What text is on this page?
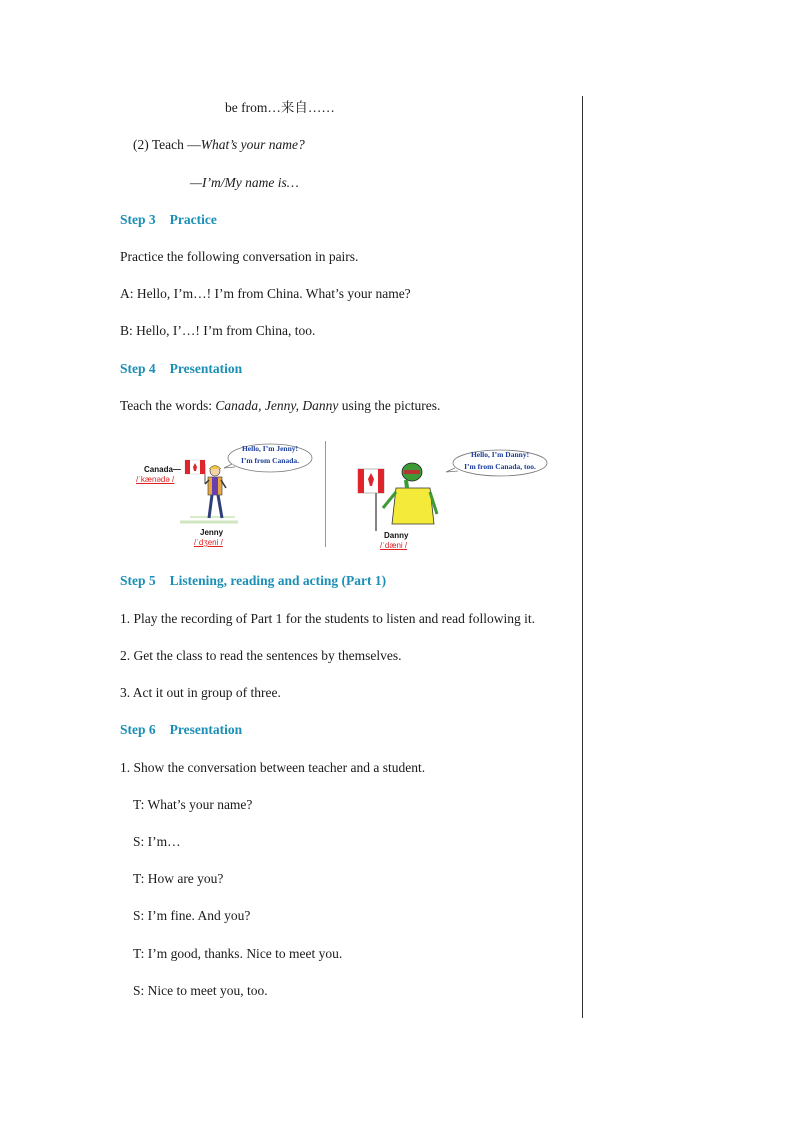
be from…来自……
(2) Teach —What’s your name?
—I’m/My name is…
Step 3 Practice
Practice the following conversation in pairs.
A: Hello, I’m…! I’m from China. What’s your name?
B: Hello, I’…! I’m from China, too.
Step 4 Presentation
Teach the words: Canada, Jenny, Danny using the pictures.
Hello, I’m Jenny!
I’m from Canada.
Hello, I’m Danny!
I’m from Canada, too.
Canada—
/ˈkænədə /
Jenny
/ˈdʒeni /
Danny
/ˈdæni /
Step 5 Listening, reading and acting (Part 1)
1. Play the recording of Part 1 for the students to listen and read following it.
2. Get the class to read the sentences by themselves.
3. Act it out in group of three.
Step 6 Presentation
1. Show the conversation between teacher and a student.
T: What’s your name?
S: I’m…
T: How are you?
S: I’m fine. And you?
T: I’m good, thanks. Nice to meet you.
S: Nice to meet you, too.
